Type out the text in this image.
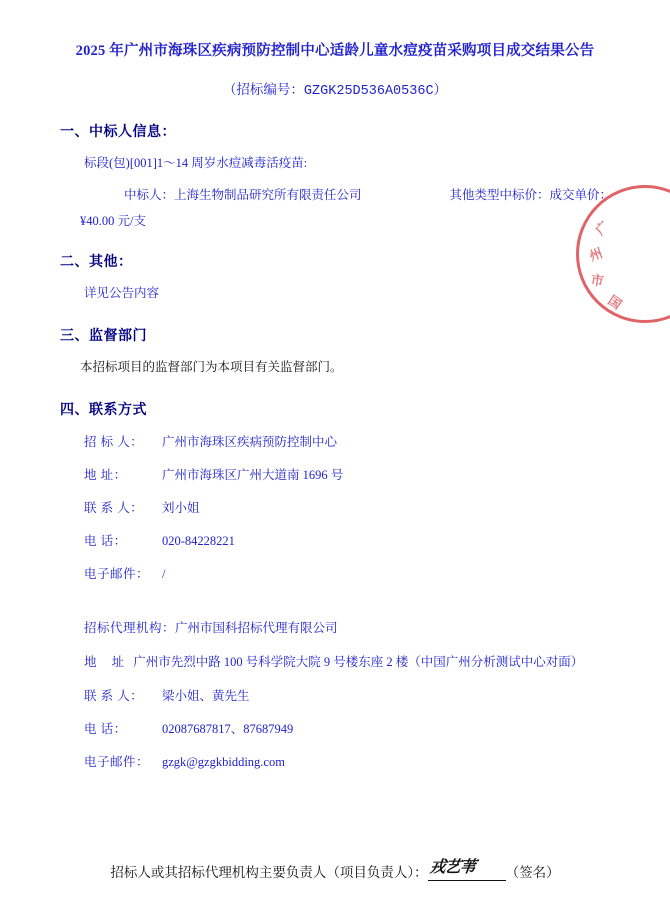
2025 年广州市海珠区疾病预防控制中心适龄儿童水痘疫苗采购项目成交结果公告
（招标编号：GZGK25D536A0536C）
一、中标人信息：
标段(包)[001]1～14 周岁水痘减毒活疫苗:
中标人：上海生物制品研究所有限责任公司	其他类型中标价：成交单价：
¥40.00 元/支
二、其他：
详见公告内容
三、监督部门
本招标项目的监督部门为本项目有关监督部门。
四、联系方式
招 标 人：	广州市海珠区疾病预防控制中心
地 址：	广州市海珠区广州大道南 1696 号
联 系 人：	刘小姐
电 话：	020-84228221
电子邮件：	/
招标代理机构： 广州市国科招标代理有限公司
地 址 广州市先烈中路 100 号科学院大院 9 号楼东座 2 楼（中国广州分析测试中心对面）
联 系 人：	梁小姐、黄先生
电 话：	02087687817、87687949
电子邮件：	gzgk@gzgkbidding.com
广
州
市
国
招标人或其招标代理机构主要负责人（项目负责人）： 戎艺苇 （签名）
